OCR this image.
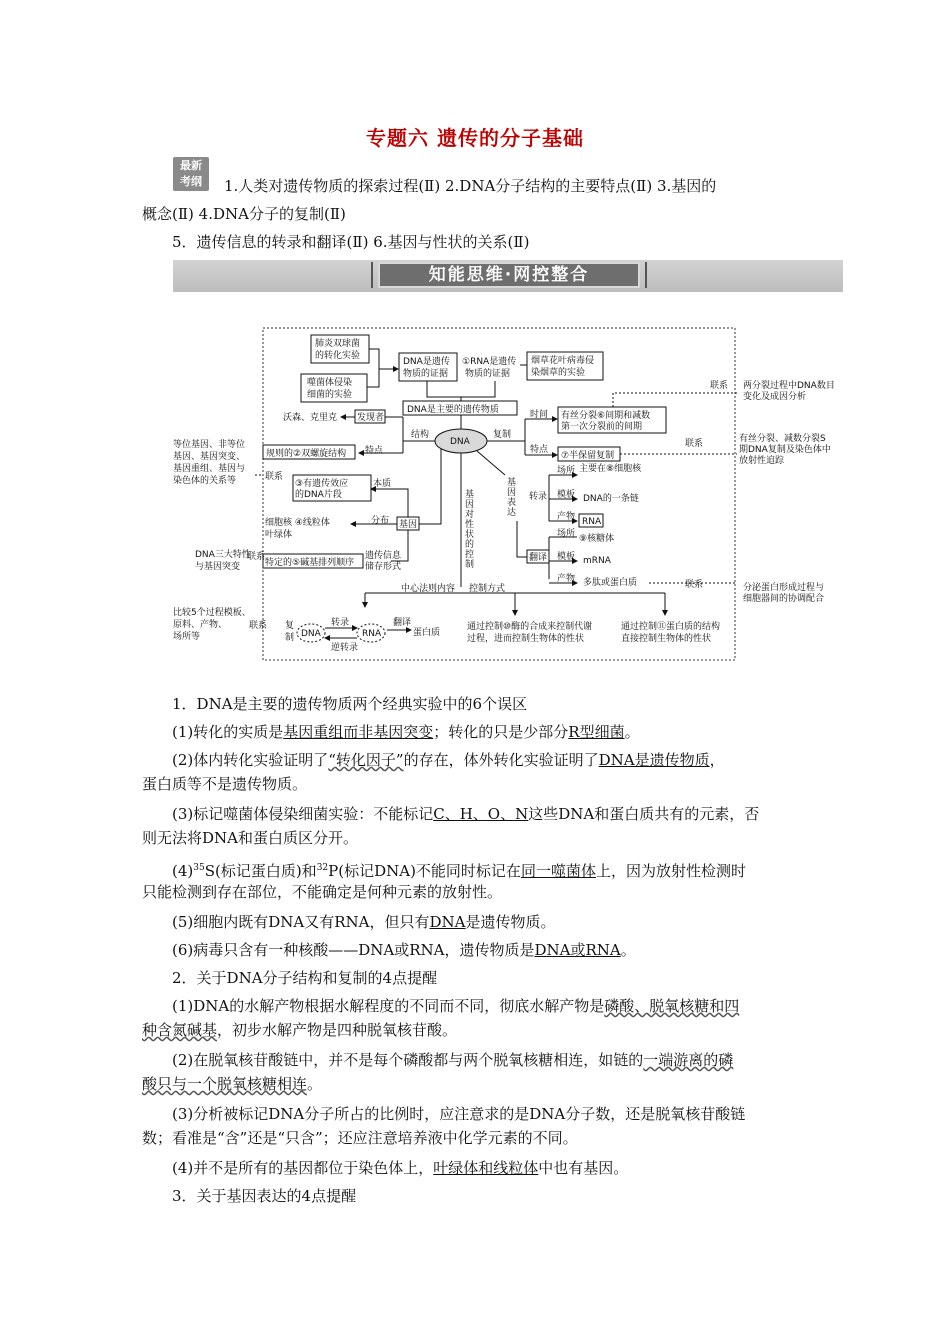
专题六 遗传的分子基础
最新
考纲	1.人类对遗传物质的探索过程(Ⅱ) 2.DNA分子结构的主要特点(Ⅱ) 3.基因的
概念(Ⅱ) 4.DNA分子的复制(Ⅱ)
5．遗传信息的转录和翻译(Ⅱ) 6.基因与性状的关系(Ⅱ)
知能思维·网控整合
肺炎双球菌
的转化实验
噬菌体侵染
细菌的实验
DNA是遗传
物质的证据
①RNA是遗传
物质的证据
烟草花叶病毒侵
染烟草的实验
DNA是主要的遗传物质
DNA
沃森、克里克 发现者
结构
特点
规则的②双螺旋结构
复制
时间 有丝分裂⑥间期和减数
第一次分裂前的间期
特点
⑦半保留复制
联系 两分裂过程中DNA数目
变化及成因分析
联系	有丝分裂、减数分裂S
期DNA复制及染色体中
放射性追踪
等位基因、非等位
基因、基因突变、
基因重组、基因与
染色体的关系等	联系
③有遗传效应
的DNA片段
本质
细胞核 ④线粒体
叶绿体
分布 基因
DNA三大特性
与基因突变
联系
特定的⑤碱基排列顺序
遗传信息
储存形式
基
因
表
达
转录
场所 主要在⑧细胞核
模板 DNA的一条链
产物 RNA
翻译
场所 ⑨核糖体
模板 mRNA
产物 多肽或蛋白质	联系	分泌蛋白形成过程与
细胞器间的协调配合
基
因
对
性
状
的
控
制
中心法则内容 控制方式
比较5个过程模板、
原料、产物、
场所等
联系 复
制 DNA
转录
逆转录
RNA
翻译
蛋白质
通过控制⑩酶的合成来控制代谢
过程，进而控制生物体的性状
通过控制⑪蛋白质的结构
直接控制生物体的性状

1．DNA是主要的遗传物质两个经典实验中的6个误区

(1)转化的实质是基因重组而非基因突变；转化的只是少部分R型细菌。

(2)体内转化实验证明了“转化因子”的存在，体外转化实验证明了DNA是遗传物质，

蛋白质等不是遗传物质。

(3)标记噬菌体侵染细菌实验：不能标记C、H、O、N这些DNA和蛋白质共有的元素，否

则无法将DNA和蛋白质区分开。

$(4)^{35}S$(标记蛋白质)和$^{32}$P(标记DNA)不能同时标记在同一噬菌体上，因为放射性检测时

只能检测到存在部位，不能确定是何种元素的放射性。

(5)细胞内既有DNA又有RNA，但只有DNA是遗传物质。

(6)病毒只含有一种核酸——DNA或RNA，遗传物质是DNA或RNA。

2．关于DNA分子结构和复制的4点提醒

(1)DNA的水解产物根据水解程度的不同而不同，彻底水解产物是磷酸、脱氧核糖和四

种含氮碱基，初步水解产物是四种脱氧核苷酸。

(2)在脱氧核苷酸链中，并不是每个磷酸都与两个脱氧核糖相连，如链的一端游离的磷

酸只与一个脱氧核糖相连。

(3)分析被标记DNA分子所占的比例时，应注意求的是DNA分子数，还是脱氧核苷酸链

数；看准是“含”还是“只含”；还应注意培养液中化学元素的不同。

(4)并不是所有的基因都位于染色体上，叶绿体和线粒体中也有基因。

3．关于基因表达的4点提醒
